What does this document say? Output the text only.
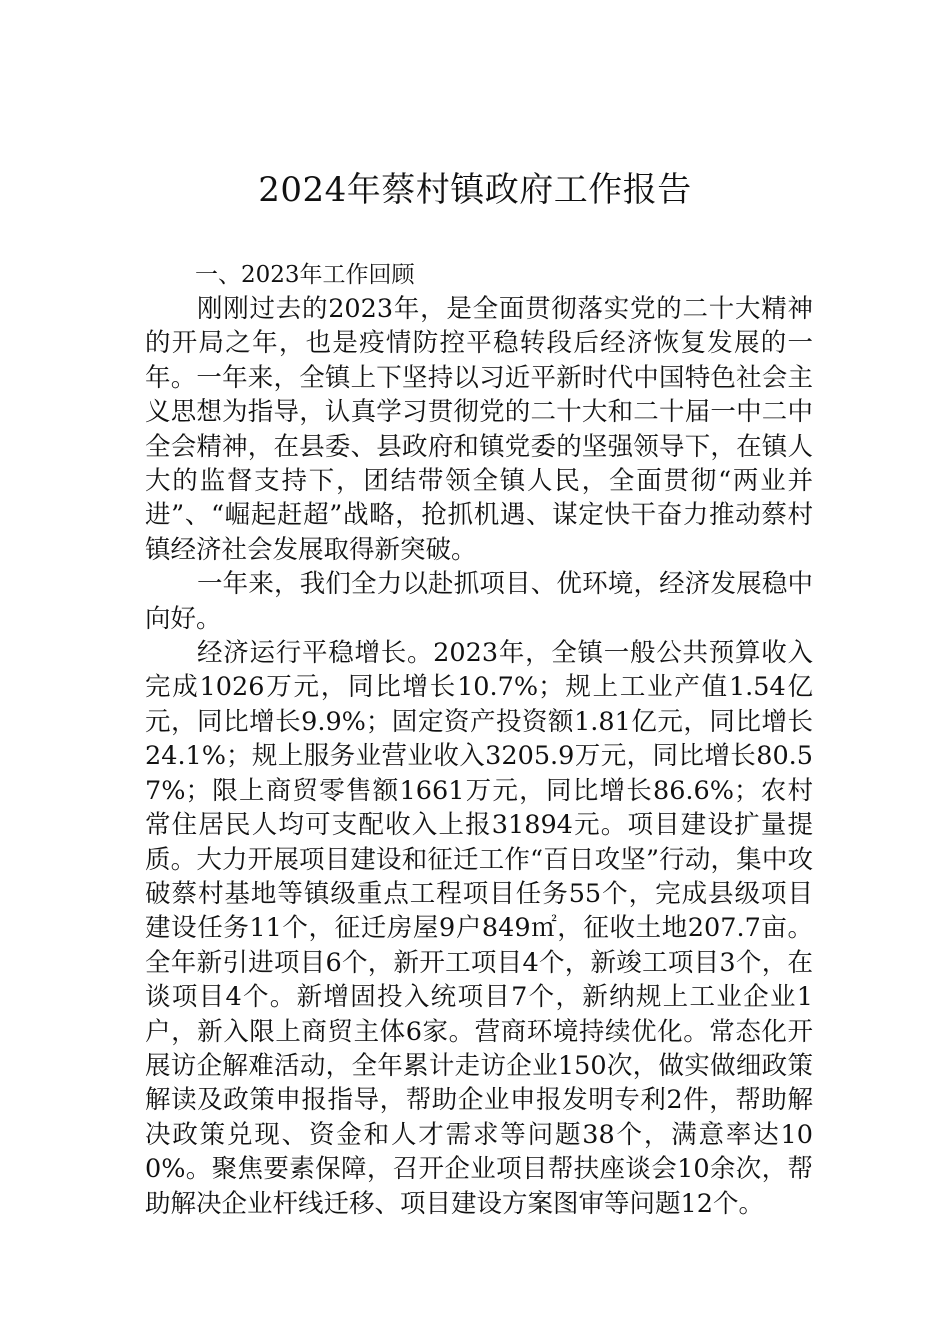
2024年蔡村镇政府工作报告

一、2023年工作回顾

刚刚过去的2023年，是全面贯彻落实党的二十大精神的开局之年，也是疫情防控平稳转段后经济恢复发展的一年。一年来，全镇上下坚持以习近平新时代中国特色社会主义思想为指导，认真学习贯彻党的二十大和二十届一中二中全会精神，在县委、县政府和镇党委的坚强领导下，在镇人大的监督支持下，团结带领全镇人民，全面贯彻“两业并进”、“崛起赶超”战略，抢抓机遇、谋定快干奋力推动蔡村镇经济社会发展取得新突破。

一年来，我们全力以赴抓项目、优环境，经济发展稳中向好。

经济运行平稳增长。2023年，全镇一般公共预算收入完成1026万元，同比增长10.7%；规上工业产值1.54亿元，同比增长9.9%；固定资产投资额1.81亿元，同比增长24.1%；规上服务业营业收入3205.9万元，同比增长80.57%；限上商贸零售额1661万元，同比增长86.6%；农村常住居民人均可支配收入上报31894元。项目建设扩量提质。大力开展项目建设和征迁工作“百日攻坚”行动，集中攻破蔡村基地等镇级重点工程项目任务55个，完成县级项目建设任务11个，征迁房屋9户849㎡，征收土地207.7亩。全年新引进项目6个，新开工项目4个，新竣工项目3个，在谈项目4个。新增固投入统项目7个，新纳规上工业企业1户，新入限上商贸主体6家。营商环境持续优化。常态化开展访企解难活动，全年累计走访企业150次，做实做细政策解读及政策申报指导，帮助企业申报发明专利2件，帮助解决政策兑现、资金和人才需求等问题38个，满意率达100%。聚焦要素保障，召开企业项目帮扶座谈会10余次，帮助解决企业杆线迁移、项目建设方案图审等问题12个。
